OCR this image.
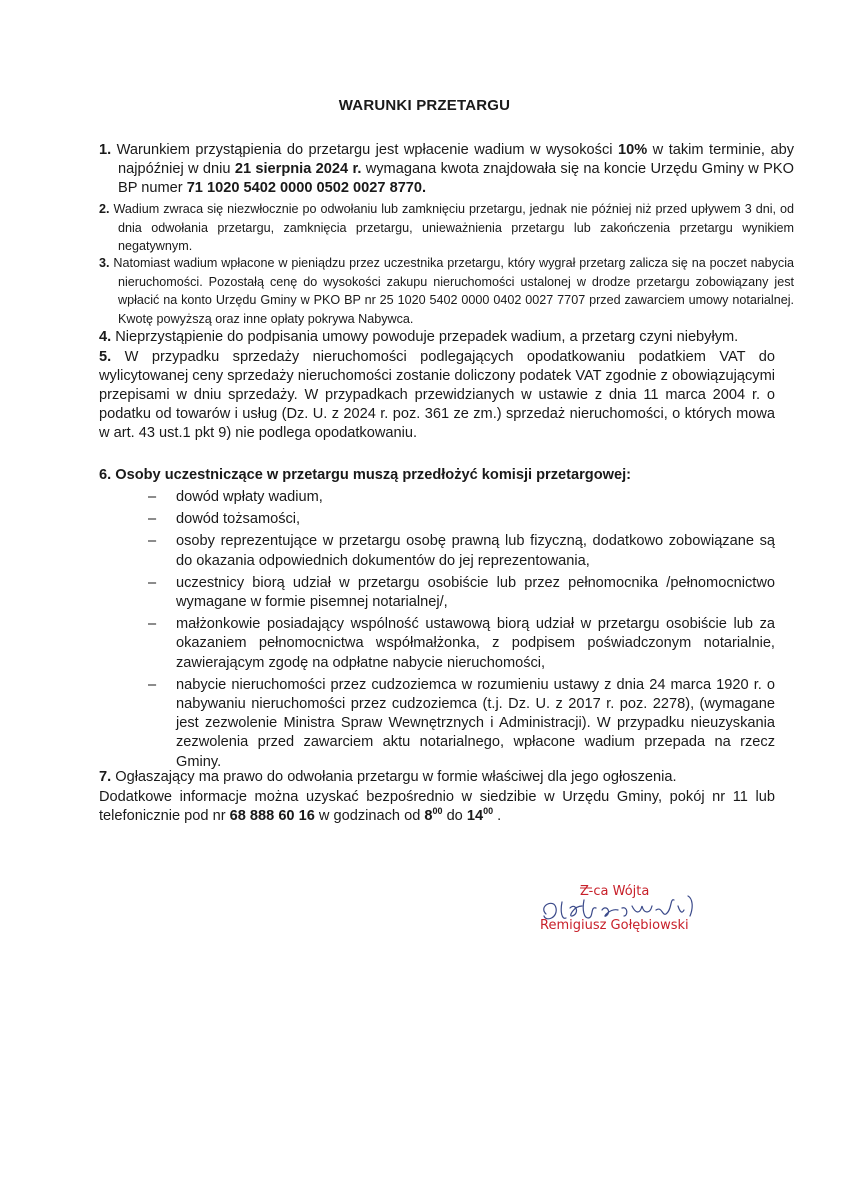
WARUNKI PRZETARGU
1. Warunkiem przystąpienia do przetargu jest wpłacenie wadium w wysokości 10% w takim terminie, aby najpóźniej w dniu 21 sierpnia 2024 r. wymagana kwota znajdowała się na koncie Urzędu Gminy w PKO BP numer 71 1020 5402 0000 0502 0027 8770.
2. Wadium zwraca się niezwłocznie po odwołaniu lub zamknięciu przetargu, jednak nie później niż przed upływem 3 dni, od dnia odwołania przetargu, zamknięcia przetargu, unieważnienia przetargu lub zakończenia przetargu wynikiem negatywnym.
3. Natomiast wadium wpłacone w pieniądzu przez uczestnika przetargu, który wygrał przetarg zalicza się na poczet nabycia nieruchomości. Pozostałą cenę do wysokości zakupu nieruchomości ustalonej w drodze przetargu zobowiązany jest wpłacić na konto Urzędu Gminy w PKO BP nr 25 1020 5402 0000 0402 0027 7707 przed zawarciem umowy notarialnej. Kwotę powyższą oraz inne opłaty pokrywa Nabywca.
4. Nieprzystąpienie do podpisania umowy powoduje przepadek wadium, a przetarg czyni niebyłym.
5. W przypadku sprzedaży nieruchomości podlegających opodatkowaniu podatkiem VAT do wylicytowanej ceny sprzedaży nieruchomości zostanie doliczony podatek VAT zgodnie z obowiązującymi przepisami w dniu sprzedaży. W przypadkach przewidzianych w ustawie z dnia 11 marca 2004 r. o podatku od towarów i usług (Dz. U. z 2024 r. poz. 361 ze zm.) sprzedaż nieruchomości, o których mowa w art. 43 ust.1 pkt 9) nie podlega opodatkowaniu.
6. Osoby uczestniczące w przetargu muszą przedłożyć komisji przetargowej:
– dowód wpłaty wadium,
– dowód tożsamości,
– osoby reprezentujące w przetargu osobę prawną lub fizyczną, dodatkowo zobowiązane są do okazania odpowiednich dokumentów do jej reprezentowania,
– uczestnicy biorą udział w przetargu osobiście lub przez pełnomocnika /pełnomocnictwo wymagane w formie pisemnej notarialnej/,
– małżonkowie posiadający wspólność ustawową biorą udział w przetargu osobiście lub za okazaniem pełnomocnictwa współmałżonka, z podpisem poświadczonym notarialnie, zawierającym zgodę na odpłatne nabycie nieruchomości,
– nabycie nieruchomości przez cudzoziemca w rozumieniu ustawy z dnia 24 marca 1920 r. o nabywaniu nieruchomości przez cudzoziemca (t.j. Dz. U. z 2017 r. poz. 2278), (wymagane jest zezwolenie Ministra Spraw Wewnętrznych i Administracji). W przypadku nieuzyskania zezwolenia przed zawarciem aktu notarialnego, wpłacone wadium przepada na rzecz Gminy.
7. Ogłaszający ma prawo do odwołania przetargu w formie właściwej dla jego ogłoszenia.
Dodatkowe informacje można uzyskać bezpośrednio w siedzibie w Urzędu Gminy, pokój nr 11 lub telefonicznie pod nr 68 888 60 16 w godzinach od $8^{00}$ do $14^{00}$ .
Z-ca Wójta
Remigiusz Gołębiowski
